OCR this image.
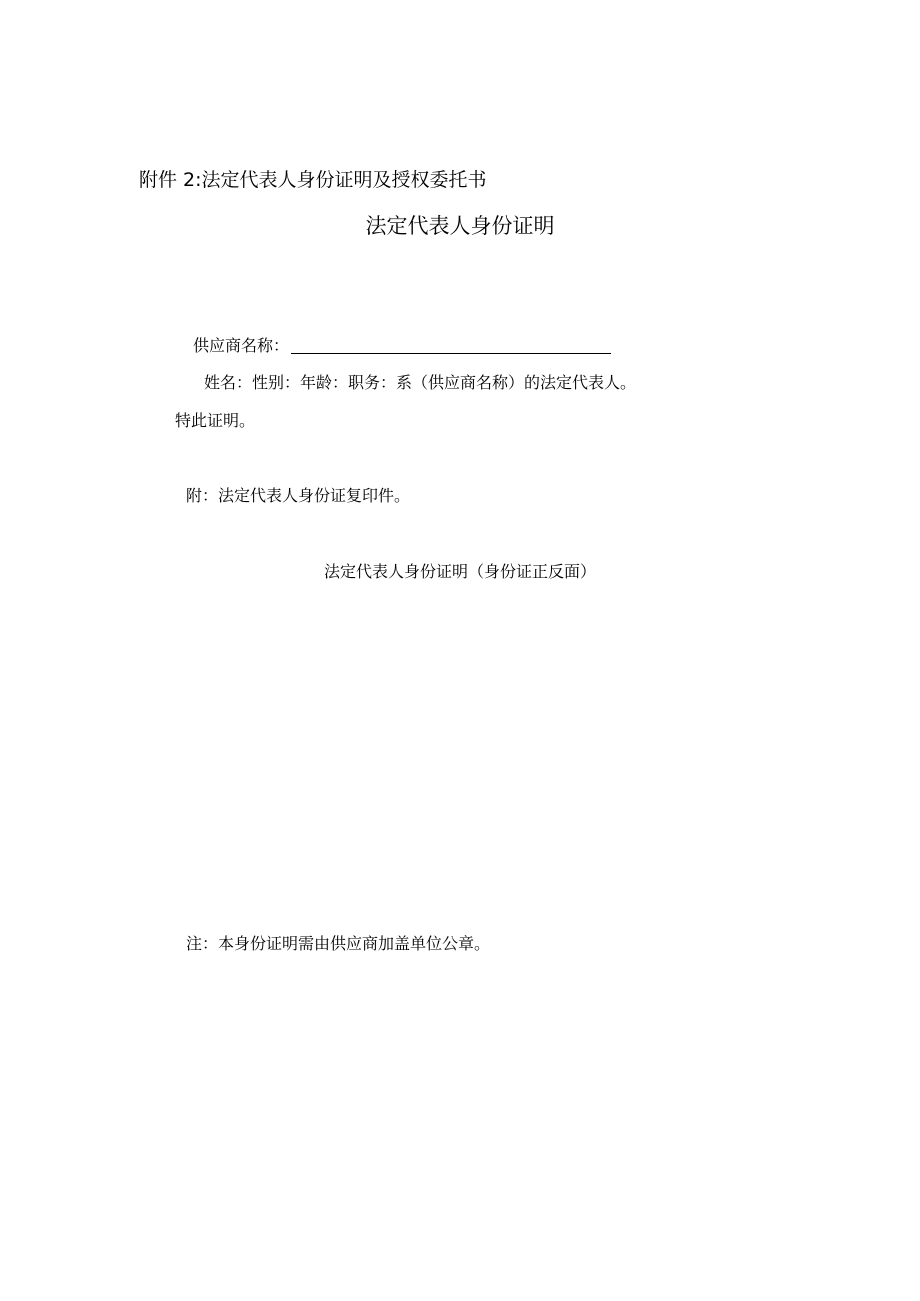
附件 2:法定代表人身份证明及授权委托书
法定代表人身份证明
供应商名称：
姓名：性别：年龄：职务：系（供应商名称）的法定代表人。
特此证明。
附：法定代表人身份证复印件。
法定代表人身份证明（身份证正反面）
注：本身份证明需由供应商加盖单位公章。
